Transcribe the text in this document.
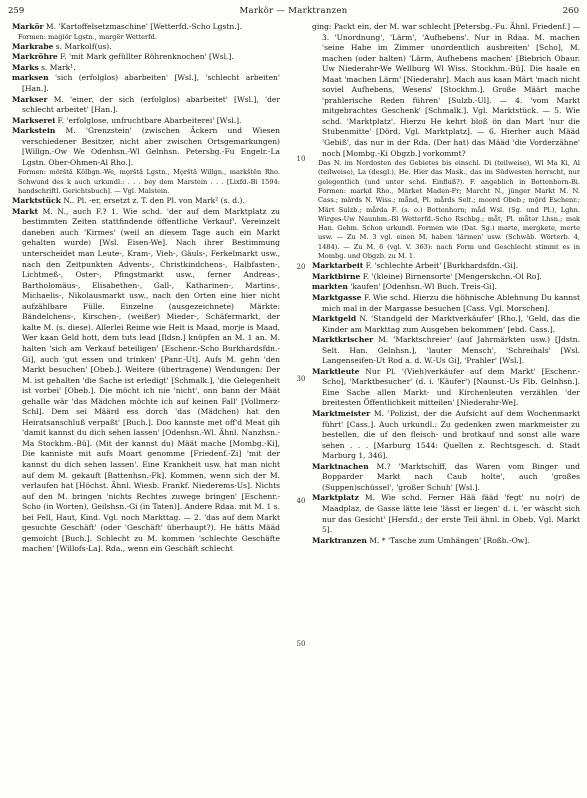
259	Markör — Marktranzen	260

Markör M. 'Kartoffelsetzmaschine' [Wetterfd.-Scho Lgstn.].

Formen: magiör Lgstn., margër Wetterfd.

Markrabe s. Markolf(us).

Markröhre F. 'mit Mark gefüllter Röhrenknochen' [Wsl.].

Marks s. Mark¹.

marksen 'sich (erfolglos) abarbeiten' [Wsl.], 'schlecht arbeiten' [Han.].

Markser M. 'einer, der sich (erfolglos) abarbeitet' [Wsl.], 'der schlecht arbeitet' [Han.].

Markserei F. 'erfolglose, unfruchtbare Abarbeiterei' [Wsl.].

Markstein M. 'Grenzstein' (zwischen Äckern und Wiesen verschiedener Besitzer, nicht aber zwischen Ortsgemarkungen) [Willgn.-Ow We Odenhsn.-Wl Gelnhsn. Petersbg.-Fu Engelr.-La Lgstn. Ober-Ohmen-Al Rho.].

Formen: mörštā Kölbgn.-We, mǫrštā Lgstn., Mǫrštā Willgn., markštēn Rho. Schwund des k auch urkundl.: . . . bey dem Marstein . . . [Lixfd.-Bi 1594: handschriftl. Gerichtsbuch]. — Vgl. Malstein.

Marktstück N.. Pl. -er, ersetzt z. T. den Pl. von Mark² (s. d.).

Markt M. N., auch F.? 1. Wie schd. 'der auf dem Marktplatz zu bestimmten Zeiten stattfindende öffentliche Verkauf'. Vereinzelt daneben auch 'Kirmes' (weil an diesem Tage auch ein Markt gehalten wurde) [Wsl. Eisen-We]. Nach ihrer Bestimmung unterscheidet man Leute-, Kram-, Vieh-, Gäuls-, Ferkelmarkt usw., nach den Zeitpunkten Advents-, Christkindchens-, Halbfasten-, Lichtmeß-, Oster-, Pfingstmarkt usw., ferner Andreas-, Bartholomäus-, Elisabethen-, Gall-, Katharinen-, Martins-, Michaelis-, Nikolausmarkt usw., nach den Orten eine hier nicht aufzählbare Fülle. Einzelne (ausgezeichnete) Märkte: Bändelchens-, Kirschen-, (weißer) Mieder-, Schäfermarkt, der kalte M. (s. diese). Allerlei Reime wie Heit is Maad, morje is Maad, Wer kaan Geld hott, dem tuts lead [Ildsn.] knüpfen an M. 1 an. M. halten 'sich am Verkauf beteiligen' [Eschenr.-Scho Burkhardsfdn.-Gi], auch 'gut essen und trinken' [Panr.-Ut]. Aufs M. gehn 'den Markt besuchen' [Obeb.]. Weitere (übertragene) Wendungen: Der M. ist gehalten 'die Sache ist erledigt' [Schmalk.], 'die Gelegenheit ist vorbei' [Obeb.]. Die möcht ich nie 'nicht', onn bann der Määt gehalle wär 'das Mädchen möchte ich auf keinen Fall' [Vollmerz-Schl]. Dem sei Määrd ess dorch 'das (Mädchen) hat den Heiratsanschluß verpaßt' [Buch.]. Doo kannste met off'd Meat gih 'damit kannst du dich sehen lassen' [Odenhsn.-Wl. Ähnl. Nanzhsn.-Ma Stockhm.-Bü]. (Mit der kannst du) Määt mache [Mombg.-Ki], Die kanniste mit aufs Moart genomme [Friedenf.-Zi] 'mit der kannst du dich sehen lassen'. Eine Krankheit usw. hat man nicht auf dem M. gekauft [Battenhsn.-Fk]. Kommen, wenn sich der M. verlaufen hat [Höchst. Ähnl. Wiesb. Frankf. Niederems-Us]. Nichts auf den M. bringen 'nichts Rechtes zuwege bringen' [Eschenr.-Scho (in Worten), Geilshsn.-Gi (in Taten)]. Andere Rdaa. mit M. 1 s. bei Fell, Haut, Kind. Vgl. noch Markttag. — 2. 'das auf dem Markt gesuchte Geschäft' (oder 'Geschäft' überhaupt?). He hätts Määd gemoicht [Buch.]. Schlecht zu M. kommen 'schlechte Geschäfte machen' [Willofs-La]. Rda., wenn ein Geschäft schlecht

10
20
30
40
50

ging: Packt ein, der M. war schlecht [Petersbg.-Fu. Ähnl. Friedenf.] — 3. 'Unordnung', 'Lärm', 'Aufhebens'. Nur in Rdaa. M. machen 'seine Habe im Zimmer unordentlich ausbreiten' [Scho], M. machen (oder halten) 'Lärm, Aufhebens machen' [Biebrich Obaur. Uw Niederahr-We Wellburg Wl Wiss. Stockhm.-Bü]. Die haale en Maat 'machen Lärm' [Niederahr]. Mach aus kaan Märt 'mach nicht soviel Aufhebens, Wesens' [Stockhm.]. Große Määrt mache 'prahlerische Reden führen' [Sulzb.-Ul]. — 4. 'vom Markt mitgebrachtes Geschenk' [Schmalk.]. Vgl. Marktstück. — 5. Wie schd. 'Marktplatz'. Hierzu He kehrt bloß ön dan Mart 'nur die Stubenmitte' [Dörd. Vgl. Marktplatz]. — 6. Hierher auch Määd 'Gebiß', das nur in der Rda. (Der hat) das Määd 'die Vorderzähne' noch [Mombg.-Ki Obgzb.] vorkommt?

Das N. im Nordosten des Gebietes bis einschl. Di (teilweise), Wl Ma Ki, Al (teilweise), La (desgl.), He. Hier das Mask., das im Südwesten herrscht, nur gelegentlich (und unter schd. Einfluß?). F. angeblich in Bottenhorn-Bi. Formen: markd Rho., Märket Maden-Fr; Marcht N., jünger Markt M. N. Cass.; märds N. Wiss.; mǟnd, Pl. mǟrds Selt.; moord Obeb.; mǭrd Eschenr.; Märt Sulzb.; mǟrda F. (s. o.) Bottenhorn; mǟd Wsl. (Sg. und Pl.), Lghn. Wirges-Uw Naunhm.-Bl Wetterfd.-Scho Rschbg.; mǟt, Pl. mǟtər Lhsn.; mak Han. Gehm. Schon urkundl. Formen wie (Dat. Sg.) marte, mergkete, merte usw. — Zu M. 3 vgl. einen M. haben 'lärmen' usw. (Schwäb. Wörterb. 4, 1484). — Zu M. 6 (vgl. V. 363): nach Form und Geschlecht stimmt es in Mombg. und Obgzb. zu M. 1.

Marktarbeit F. 'schlechte Arbeit' [Burkhardsfdn.-Gi].

Marktbirne F. '(kleine) Birnensorte' [Mengerskchn.-Ol Ro].

markten 'kaufen' [Odenhsn.-Wl Buch. Treis-Gi].

Marktgasse F. Wie schd. Hierzu die höhnische Ablehnung Du kannst mich mal in der Margasse besuchen [Cass. Vgl. Morschen].

Marktgeld N. 'Standgeld der Marktverkäufer' [Rho.], 'Geld, das die Kinder am Markttag zum Ausgeben bekommen' [ebd. Cass.].

Marktkrischer M. 'Marktschreier' (auf Jahrmärkten usw.) [Jdstn. Selt. Han. Gelnhsn.], 'lauter Mensch', 'Schreihals' [Wsl. Langenseifen-Ut Rod a. d. W.-Us Gi], 'Prahler' [Wsl.].

Marktleute Nur Pl. '(Vieh)verkäufer auf dem Markt' [Eschenr.-Scho], 'Marktbesucher' (d. i. 'Käufer') [Naunst.-Us Flb. Gelnhsn.]. Eine Sache allen Markt- und Kirchenleuten verzählen 'der breitesten Öffentlichkeit mitteilen' [Niederahr-We].

Marktmeister M. 'Polizist, der die Aufsicht auf dem Wochenmarkt führt' [Cass.]. Auch urkundl.: Zu gedenken zwen markmeister zu bestellen, die uf den fleisch- und brotkauf und sonst alle ware sehen . . . [Marburg 1544: Quellen z. Rechtsgesch. d. Stadt Marburg 1, 346].

Marktnachen M.? 'Marktschiff, das Waren vom Binger und Bopparder Markt nach Caub holte', auch 'großes (Suppen)schüssel', 'großer Schuh' [Wsl.].

Marktplatz M. Wie schd. Ferner Hää fääd 'fegt' nu no(r) de Maadplaz, de Gasse lätte leie 'lässt er liegen' d. i. 'er wäscht sich nur das Gesicht' [Hersfd.; der erste Teil ähnl. in Obeb. Vgl. Markt 5].

Marktranzen M. * 'Tasche zum Umhängen' [Roßb.-Ow].
